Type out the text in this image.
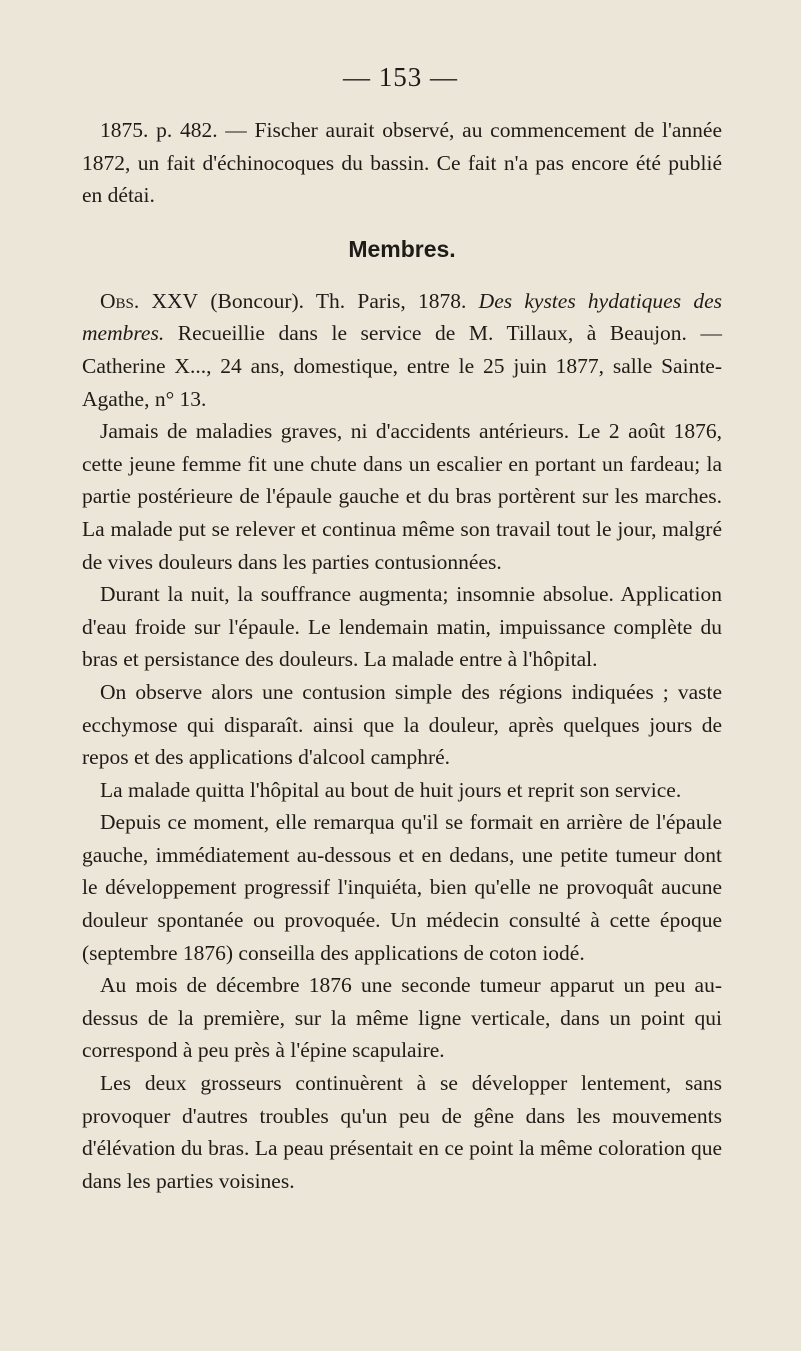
— 153 —

1875. p. 482. — Fischer aurait observé, au commencement de l'année 1872, un fait d'échinocoques du bassin. Ce fait n'a pas encore été publié en détai.

Membres.

Obs. XXV (Boncour). Th. Paris, 1878. Des kystes hydatiques des membres. Recueillie dans le service de M. Tillaux, à Beaujon. — Catherine X..., 24 ans, domestique, entre le 25 juin 1877, salle Sainte-Agathe, n° 13.

Jamais de maladies graves, ni d'accidents antérieurs. Le 2 août 1876, cette jeune femme fit une chute dans un escalier en portant un fardeau; la partie postérieure de l'épaule gauche et du bras portèrent sur les marches. La malade put se relever et continua même son travail tout le jour, malgré de vives douleurs dans les parties contusionnées.

Durant la nuit, la souffrance augmenta; insomnie absolue. Application d'eau froide sur l'épaule. Le lendemain matin, impuissance complète du bras et persistance des douleurs. La malade entre à l'hôpital.

On observe alors une contusion simple des régions indiquées ; vaste ecchymose qui disparaît. ainsi que la douleur, après quelques jours de repos et des applications d'alcool camphré.

La malade quitta l'hôpital au bout de huit jours et reprit son service.

Depuis ce moment, elle remarqua qu'il se formait en arrière de l'épaule gauche, immédiatement au-dessous et en dedans, une petite tumeur dont le développement progressif l'inquiéta, bien qu'elle ne provoquât aucune douleur spontanée ou provoquée. Un médecin consulté à cette époque (septembre 1876) conseilla des applications de coton iodé.

Au mois de décembre 1876 une seconde tumeur apparut un peu au-dessus de la première, sur la même ligne verticale, dans un point qui correspond à peu près à l'épine scapulaire.

Les deux grosseurs continuèrent à se développer lentement, sans provoquer d'autres troubles qu'un peu de gêne dans les mouvements d'élévation du bras. La peau présentait en ce point la même coloration que dans les parties voisines.
